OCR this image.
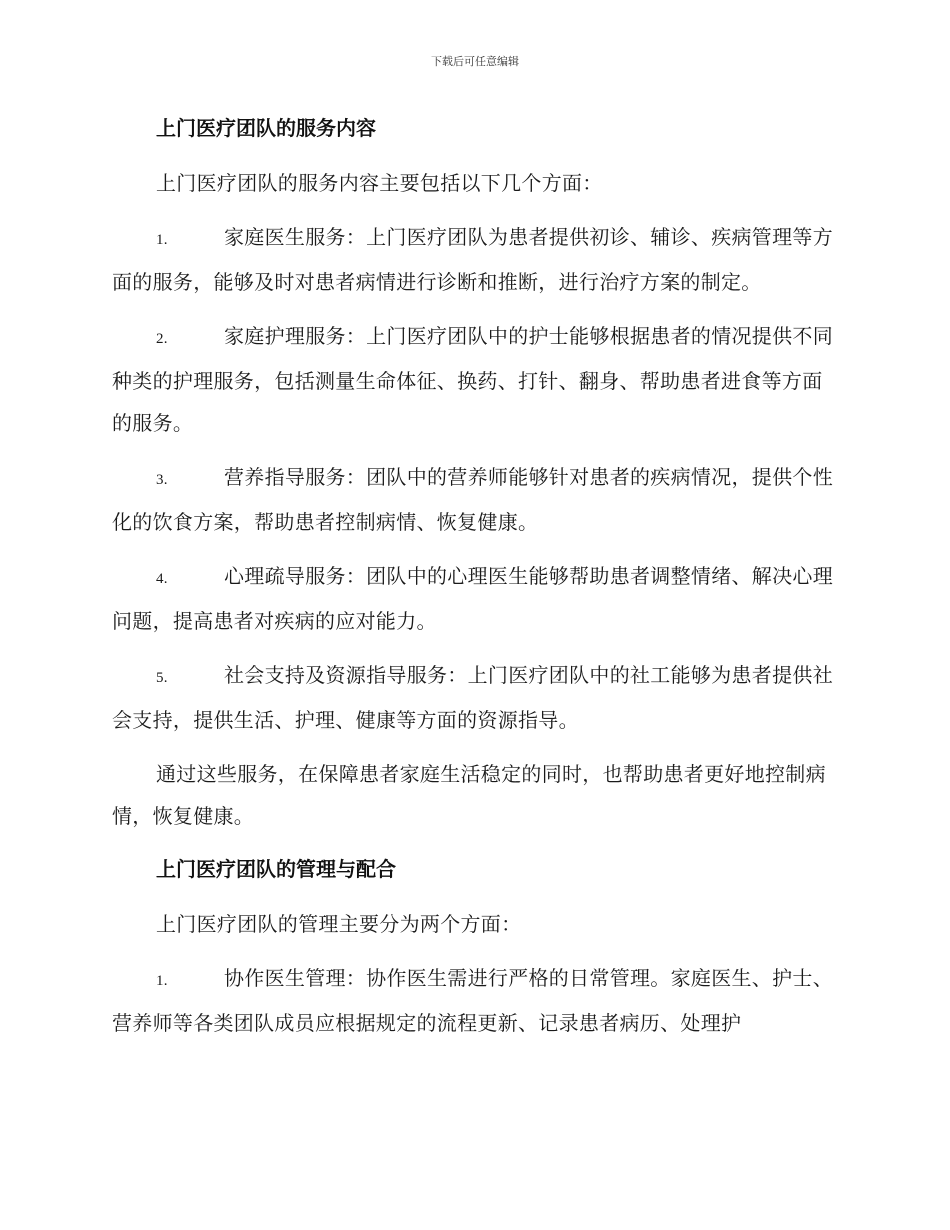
下载后可任意编辑
上门医疗团队的服务内容

上门医疗团队的服务内容主要包括以下几个方面：

1.	家庭医生服务：上门医疗团队为患者提供初诊、辅诊、疾病管理等方面的服务，能够及时对患者病情进行诊断和推断，进行治疗方案的制定。

2.	家庭护理服务：上门医疗团队中的护士能够根据患者的情况提供不同种类的护理服务，包括测量生命体征、换药、打针、翻身、帮助患者进食等方面的服务。

3.	营养指导服务：团队中的营养师能够针对患者的疾病情况，提供个性化的饮食方案，帮助患者控制病情、恢复健康。

4.	心理疏导服务：团队中的心理医生能够帮助患者调整情绪、解决心理问题，提高患者对疾病的应对能力。

5.	社会支持及资源指导服务：上门医疗团队中的社工能够为患者提供社会支持，提供生活、护理、健康等方面的资源指导。

通过这些服务，在保障患者家庭生活稳定的同时，也帮助患者更好地控制病情，恢复健康。

上门医疗团队的管理与配合

上门医疗团队的管理主要分为两个方面：

1.	协作医生管理：协作医生需进行严格的日常管理。家庭医生、护士、营养师等各类团队成员应根据规定的流程更新、记录患者病历、处理护
